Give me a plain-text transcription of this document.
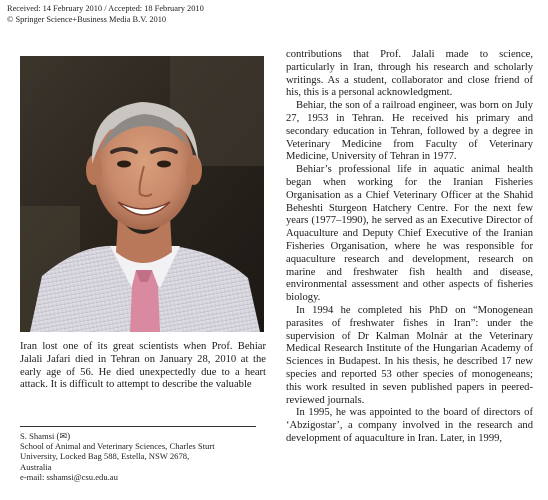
Received: 14 February 2010 / Accepted: 18 February 2010
© Springer Science+Business Media B.V. 2010
Iran lost one of its great scientists when Prof. Behiar Jalali Jafari died in Tehran on January 28, 2010 at the early age of 56. He died unexpectedly due to a heart attack. It is difficult to attempt to describe the valuable
S. Shamsi (✉)
School of Animal and Veterinary Sciences, Charles Sturt
University, Locked Bag 588, Estella, NSW 2678,
Australia
e-mail: sshamsi@csu.edu.au

contributions that Prof. Jalali made to science, particularly in Iran, through his research and scholarly writings. As a student, collaborator and close friend of his, this is a personal acknowledgment.

Behiar, the son of a railroad engineer, was born on July 27, 1953 in Tehran. He received his primary and secondary education in Tehran, followed by a degree in Veterinary Medicine from Faculty of Veterinary Medicine, University of Tehran in 1977.

Behiar’s professional life in aquatic animal health began when working for the Iranian Fisheries Organisation as a Chief Veterinary Officer at the Shahid Beheshti Sturgeon Hatchery Centre. For the next few years (1977–1990), he served as an Executive Director of Aquaculture and Deputy Chief Executive of the Iranian Fisheries Organisation, where he was responsible for aquaculture research and development, research on marine and freshwater fish health and disease, environmental assessment and other aspects of fisheries biology.

In 1994 he completed his PhD on “Monogenean parasites of freshwater fishes in Iran”: under the supervision of Dr Kalman Molnár at the Veterinary Medical Research Institute of the Hungarian Academy of Sciences in Budapest. In his thesis, he described 17 new species and reported 53 other species of monogeneans; this work resulted in seven published papers in peered-reviewed journals.

In 1995, he was appointed to the board of directors of ‘Abzigostar’, a company involved in the research and development of aquaculture in Iran. Later, in 1999,
